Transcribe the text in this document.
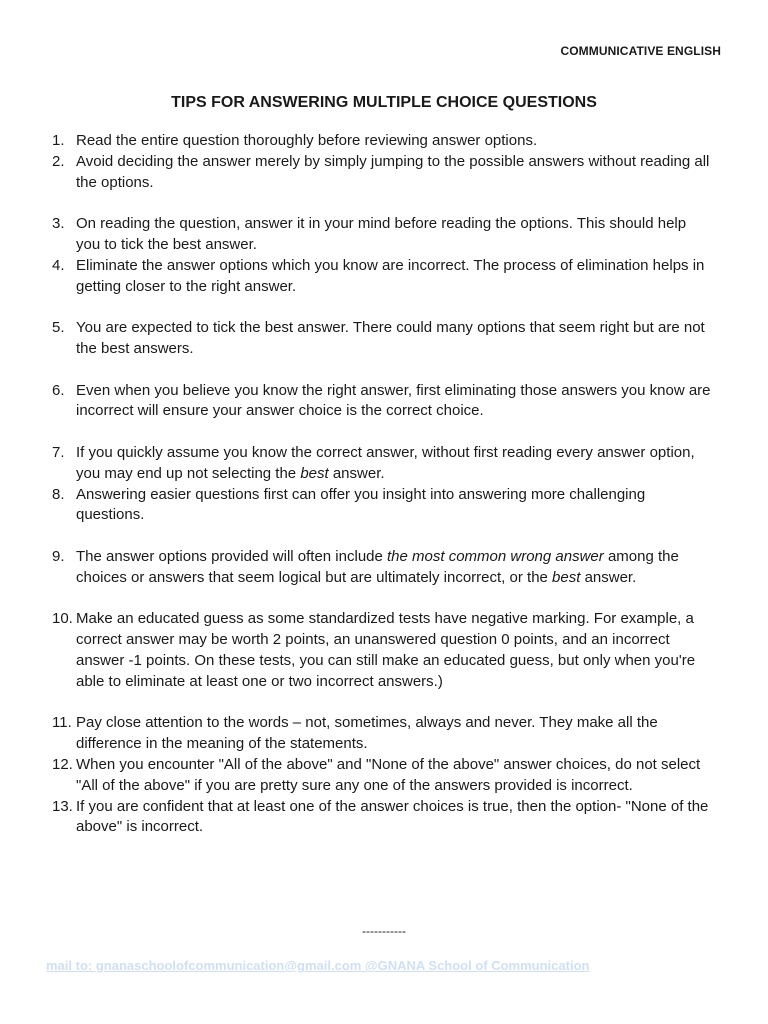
COMMUNICATIVE ENGLISH
TIPS FOR ANSWERING MULTIPLE CHOICE QUESTIONS
1. Read the entire question thoroughly before reviewing answer options.
2. Avoid deciding the answer merely by simply jumping to the possible answers without reading all the options.
3. On reading the question, answer it in your mind before reading the options. This should help you to tick the best answer.
4. Eliminate the answer options which you know are incorrect. The process of elimination helps in getting closer to the right answer.
5. You are expected to tick the best answer. There could many options that seem right but are not the best answers.
6. Even when you believe you know the right answer, first eliminating those answers you know are incorrect will ensure your answer choice is the correct choice.
7. If you quickly assume you know the correct answer, without first reading every answer option, you may end up not selecting the best answer.
8. Answering easier questions first can offer you insight into answering more challenging questions.
9. The answer options provided will often include the most common wrong answer among the choices or answers that seem logical but are ultimately incorrect, or the best answer.
10. Make an educated guess as some standardized tests have negative marking. For example, a correct answer may be worth 2 points, an unanswered question 0 points, and an incorrect answer -1 points. On these tests, you can still make an educated guess, but only when you're able to eliminate at least one or two incorrect answers.)
11. Pay close attention to the words – not, sometimes, always and never. They make all the difference in the meaning of the statements.
12. When you encounter "All of the above" and "None of the above" answer choices, do not select "All of the above" if you are pretty sure any one of the answers provided is incorrect.
13. If you are confident that at least one of the answer choices is true, then the option- "None of the above" is incorrect.
-----------
mail to: gnanaschoolofcommunication@gmail.com @GNANA School of Communication
